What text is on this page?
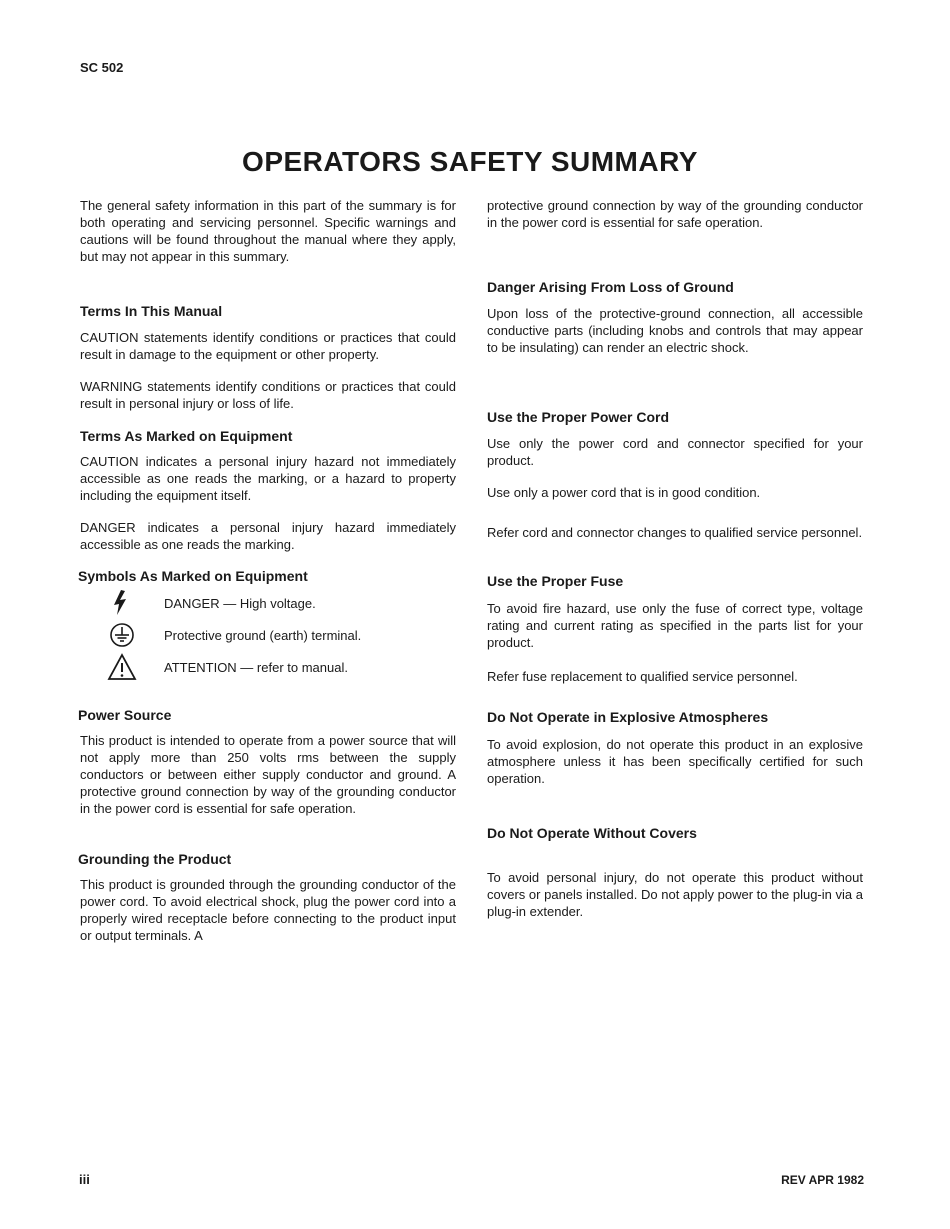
SC 502
OPERATORS SAFETY SUMMARY

The general safety information in this part of the summary is for both operating and servicing personnel. Specific warnings and cautions will be found throughout the manual where they apply, but may not appear in this summary.

Terms In This Manual

CAUTION statements identify conditions or practices that could result in damage to the equipment or other property.

WARNING statements identify conditions or practices that could result in personal injury or loss of life.

Terms As Marked on Equipment

CAUTION indicates a personal injury hazard not immediately accessible as one reads the marking, or a hazard to property including the equipment itself.

DANGER indicates a personal injury hazard immediately accessible as one reads the marking.

Symbols As Marked on Equipment

DANGER — High voltage.
Protective ground (earth) terminal.
ATTENTION — refer to manual.

Power Source

This product is intended to operate from a power source that will not apply more than 250 volts rms between the supply conductors or between either supply conductor and ground. A protective ground connection by way of the grounding conductor in the power cord is essential for safe operation.

Grounding the Product

This product is grounded through the grounding conductor of the power cord. To avoid electrical shock, plug the power cord into a properly wired receptacle before connecting to the product input or output terminals. A

protective ground connection by way of the grounding conductor in the power cord is essential for safe operation.

Danger Arising From Loss of Ground

Upon loss of the protective-ground connection, all accessible conductive parts (including knobs and controls that may appear to be insulating) can render an electric shock.

Use the Proper Power Cord

Use only the power cord and connector specified for your product.

Use only a power cord that is in good condition.

Refer cord and connector changes to qualified service personnel.

Use the Proper Fuse

To avoid fire hazard, use only the fuse of correct type, voltage rating and current rating as specified in the parts list for your product.

Refer fuse replacement to qualified service personnel.

Do Not Operate in Explosive Atmospheres

To avoid explosion, do not operate this product in an explosive atmosphere unless it has been specifically certified for such operation.

Do Not Operate Without Covers

To avoid personal injury, do not operate this product without covers or panels installed. Do not apply power to the plug-in via a plug-in extender.

iii	REV APR 1982
